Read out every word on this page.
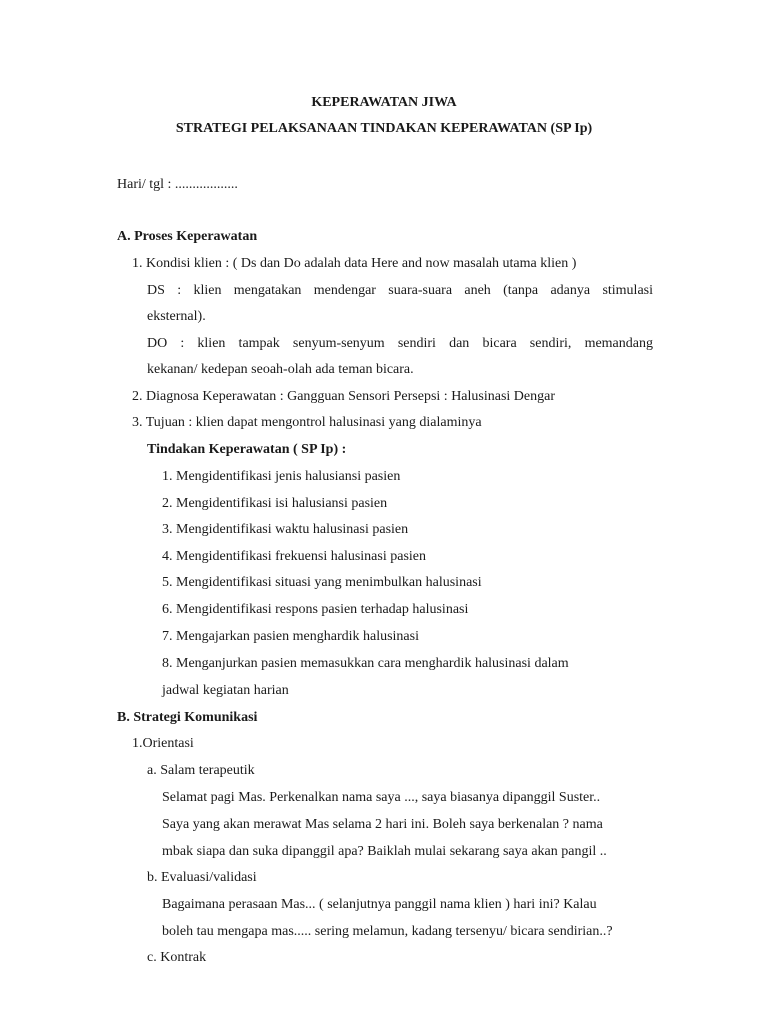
KEPERAWATAN JIWA
STRATEGI PELAKSANAAN TINDAKAN KEPERAWATAN (SP Ip)
Hari/ tgl : ..................
A. Proses Keperawatan
1. Kondisi klien : ( Ds dan Do adalah data Here and now masalah utama klien )
DS : klien mengatakan mendengar suara-suara aneh (tanpa adanya stimulasi
eksternal).
DO : klien tampak senyum-senyum sendiri dan bicara sendiri, memandang
kekanan/ kedepan seoah-olah ada teman bicara.
2. Diagnosa Keperawatan : Gangguan Sensori Persepsi : Halusinasi Dengar
3. Tujuan : klien dapat mengontrol halusinasi yang dialaminya
Tindakan Keperawatan ( SP Ip) :
1. Mengidentifikasi jenis halusiansi pasien
2. Mengidentifikasi isi halusiansi pasien
3. Mengidentifikasi waktu halusinasi pasien
4. Mengidentifikasi frekuensi halusinasi pasien
5. Mengidentifikasi situasi yang menimbulkan halusinasi
6. Mengidentifikasi respons pasien terhadap halusinasi
7. Mengajarkan pasien menghardik halusinasi
8. Menganjurkan pasien memasukkan cara menghardik halusinasi dalam
jadwal kegiatan harian
B. Strategi Komunikasi
1.Orientasi
a. Salam terapeutik
Selamat pagi Mas. Perkenalkan nama saya ..., saya biasanya dipanggil Suster..
Saya yang akan merawat Mas selama 2 hari ini. Boleh saya berkenalan ? nama
mbak siapa dan suka dipanggil apa? Baiklah mulai sekarang saya akan pangil ..
b. Evaluasi/validasi
Bagaimana perasaan Mas... ( selanjutnya panggil nama klien ) hari ini? Kalau
boleh tau mengapa mas..... sering melamun, kadang tersenyu/ bicara sendirian..?
c. Kontrak
